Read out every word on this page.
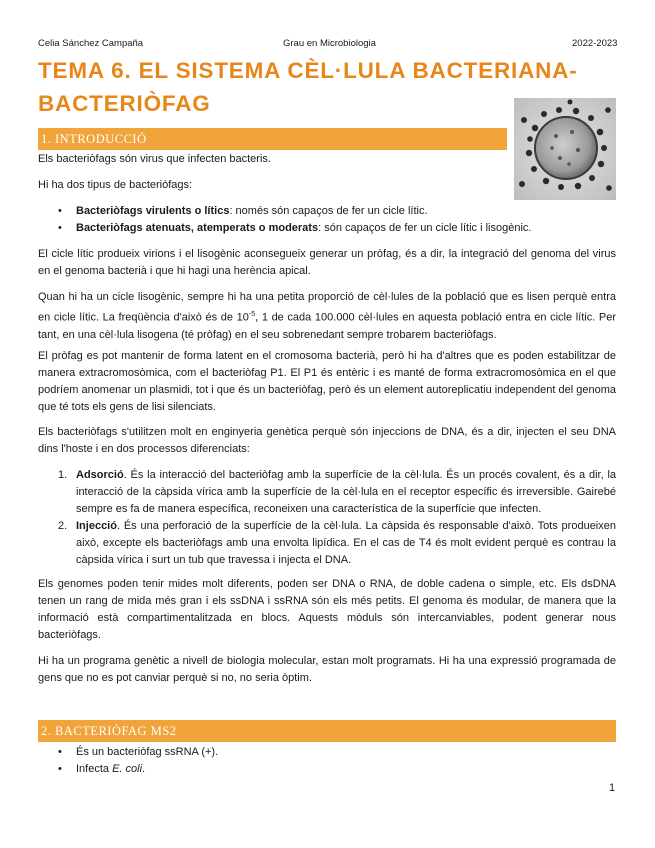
Celia Sánchez Campaña	Grau en Microbiologia	2022-2023
TEMA 6. EL SISTEMA CÈL·LULA BACTERIANA-BACTERIÒFAG
1. INTRODUCCIÓ

Els bacteriòfags són virus que infecten bacteris.

Hi ha dos tipus de bacteriòfags:

• Bacteriòfags virulents o lítics: només són capaços de fer un cicle lític.
• Bacteriòfags atenuats, atemperats o moderats: són capaços de fer un cicle lític i lisogènic.

El cicle lític produeix virions i el lisogènic aconsegueix generar un pròfag, és a dir, la integració del genoma del virus en el genoma bacterià i que hi hagi una herència apical.

Quan hi ha un cicle lisogènic, sempre hi ha una petita proporció de cèl·lules de la població que es lisen perquè entra en cicle lític. La freqüència d'això és de $10^{-5}$, 1 de cada 100.000 cèl·lules en aquesta població entra en cicle lític. Per tant, en una cèl·lula lisogena (té pròfag) en el seu sobrenedant sempre trobarem bacteriòfags.

El pròfag es pot mantenir de forma latent en el cromosoma bacterià, però hi ha d'altres que es poden estabilitzar de manera extracromosòmica, com el bacteriòfag P1. El P1 és entèric i es manté de forma extracromosòmica en el que podríem anomenar un plasmidi, tot i que és un bacteriòfag, però és un element autoreplicatiu independent del genoma que té tots els gens de lisi silenciats.

Els bacteriòfags s'utilitzen molt en enginyeria genètica perquè són injeccions de DNA, és a dir, injecten el seu DNA dins l'hoste i en dos processos diferenciats:

1. Adsorció. És la interacció del bacteriòfag amb la superfície de la cèl·lula. És un procés covalent, és a dir, la interacció de la càpsida vírica amb la superfície de la cèl·lula en el receptor específic és irreversible. Gairebé sempre es fa de manera específica, reconeixen una característica de la superfície que infecten.
2. Injecció. És una perforació de la superfície de la cèl·lula. La càpsida és responsable d'això. Tots produeixen això, excepte els bacteriòfags amb una envolta lipídica. En el cas de T4 és molt evident perquè es contrau la càpsida vírica i surt un tub que travessa i injecta el DNA.

Els genomes poden tenir mides molt diferents, poden ser DNA o RNA, de doble cadena o simple, etc. Els dsDNA tenen un rang de mida més gran i els ssDNA i ssRNA són els més petits. El genoma és modular, de manera que la informació està compartimentalitzada en blocs. Aquests mòduls són intercanviables, podent generar nous bacteriòfags.

Hi ha un programa genètic a nivell de biologia molecular, estan molt programats. Hi ha una expressió programada de gens que no es pot canviar perquè si no, no seria òptim.

2. BACTERIÒFAG MS2
• És un bacteriòfag ssRNA (+).
• Infecta E. coli.
1
